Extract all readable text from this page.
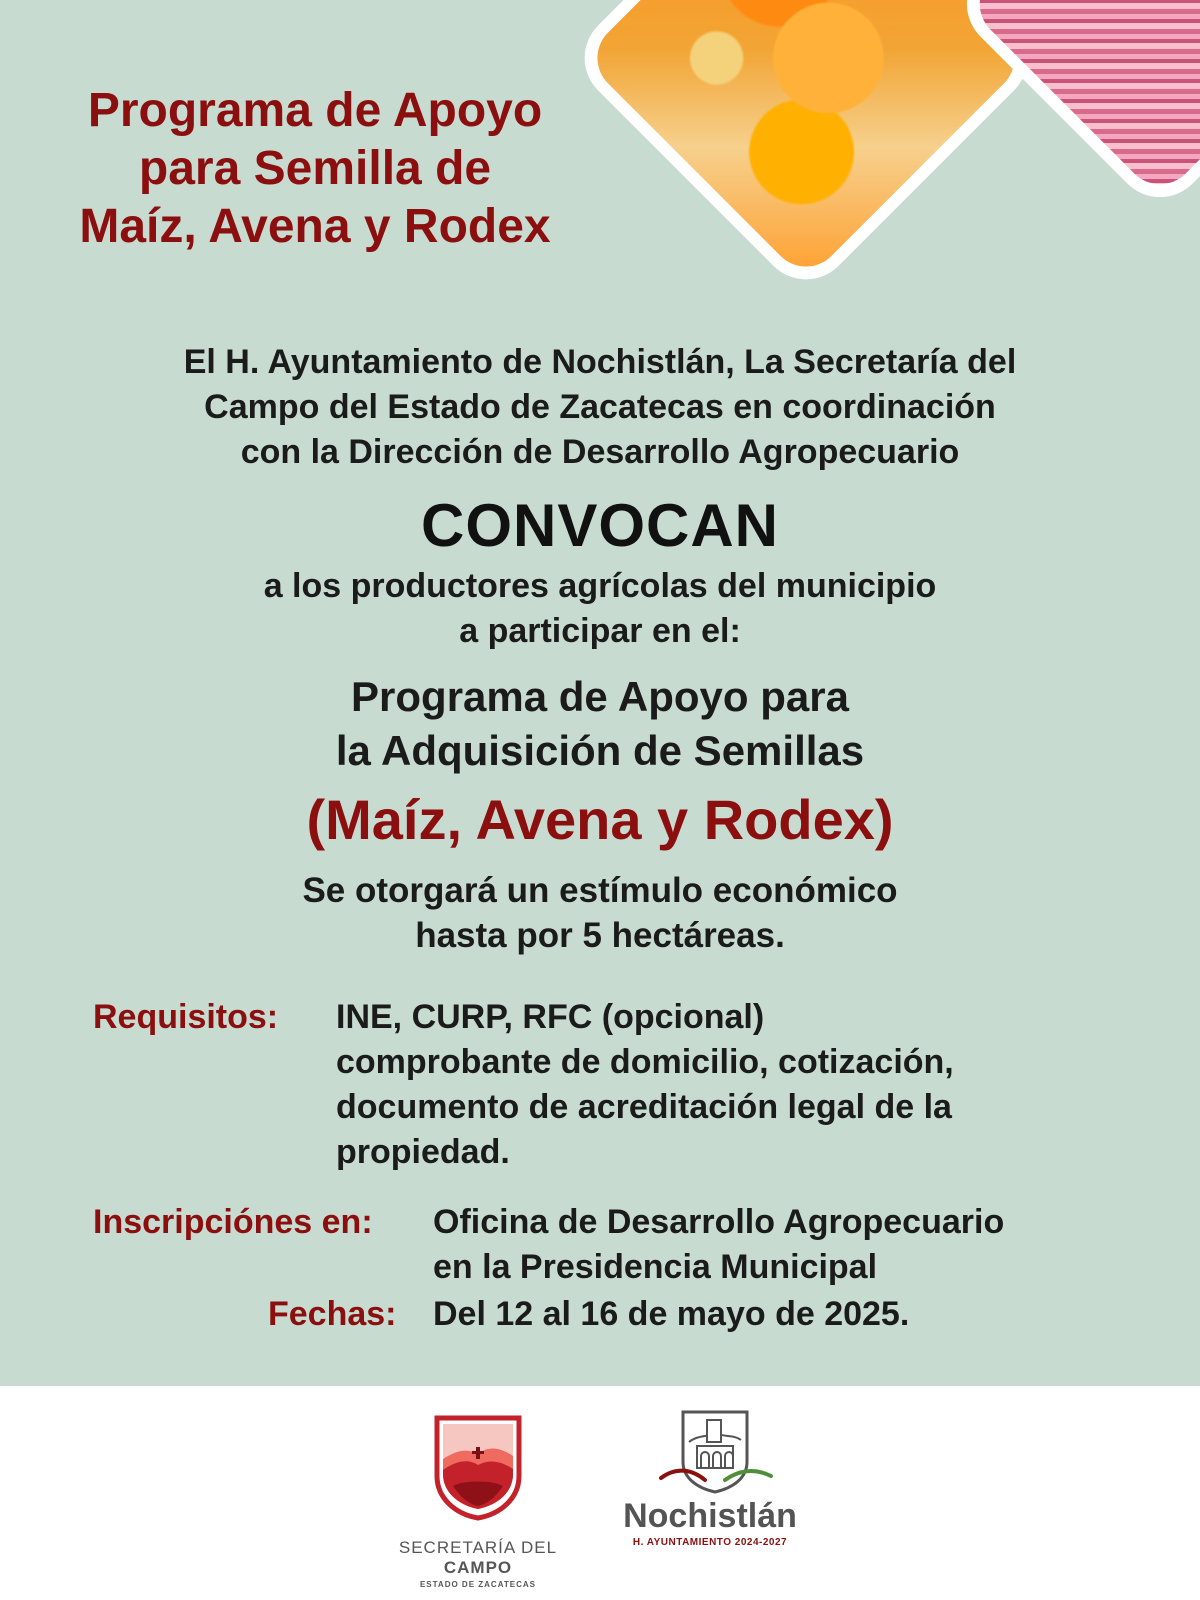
Programa de Apoyo
para Semilla de
Maíz, Avena y Rodex
El H. Ayuntamiento de Nochistlán, La Secretaría del
Campo del Estado de Zacatecas en coordinación
con la Dirección de Desarrollo Agropecuario
CONVOCAN
a los productores agrícolas del municipio
a participar en el:
Programa de Apoyo para
la Adquisición de Semillas
(Maíz, Avena y Rodex)
Se otorgará un estímulo económico
hasta por 5 hectáreas.
Requisitos: INE, CURP, RFC (opcional)
comprobante de domicilio, cotización,
documento de acreditación legal de la
propiedad.
Inscripciónes en: Oficina de Desarrollo Agropecuario
en la Presidencia Municipal
Fechas: Del 12 al 16 de mayo de 2025.
SECRETARÍA DEL
CAMPO
ESTADO DE ZACATECAS
Nochistlán
H. AYUNTAMIENTO 2024-2027
